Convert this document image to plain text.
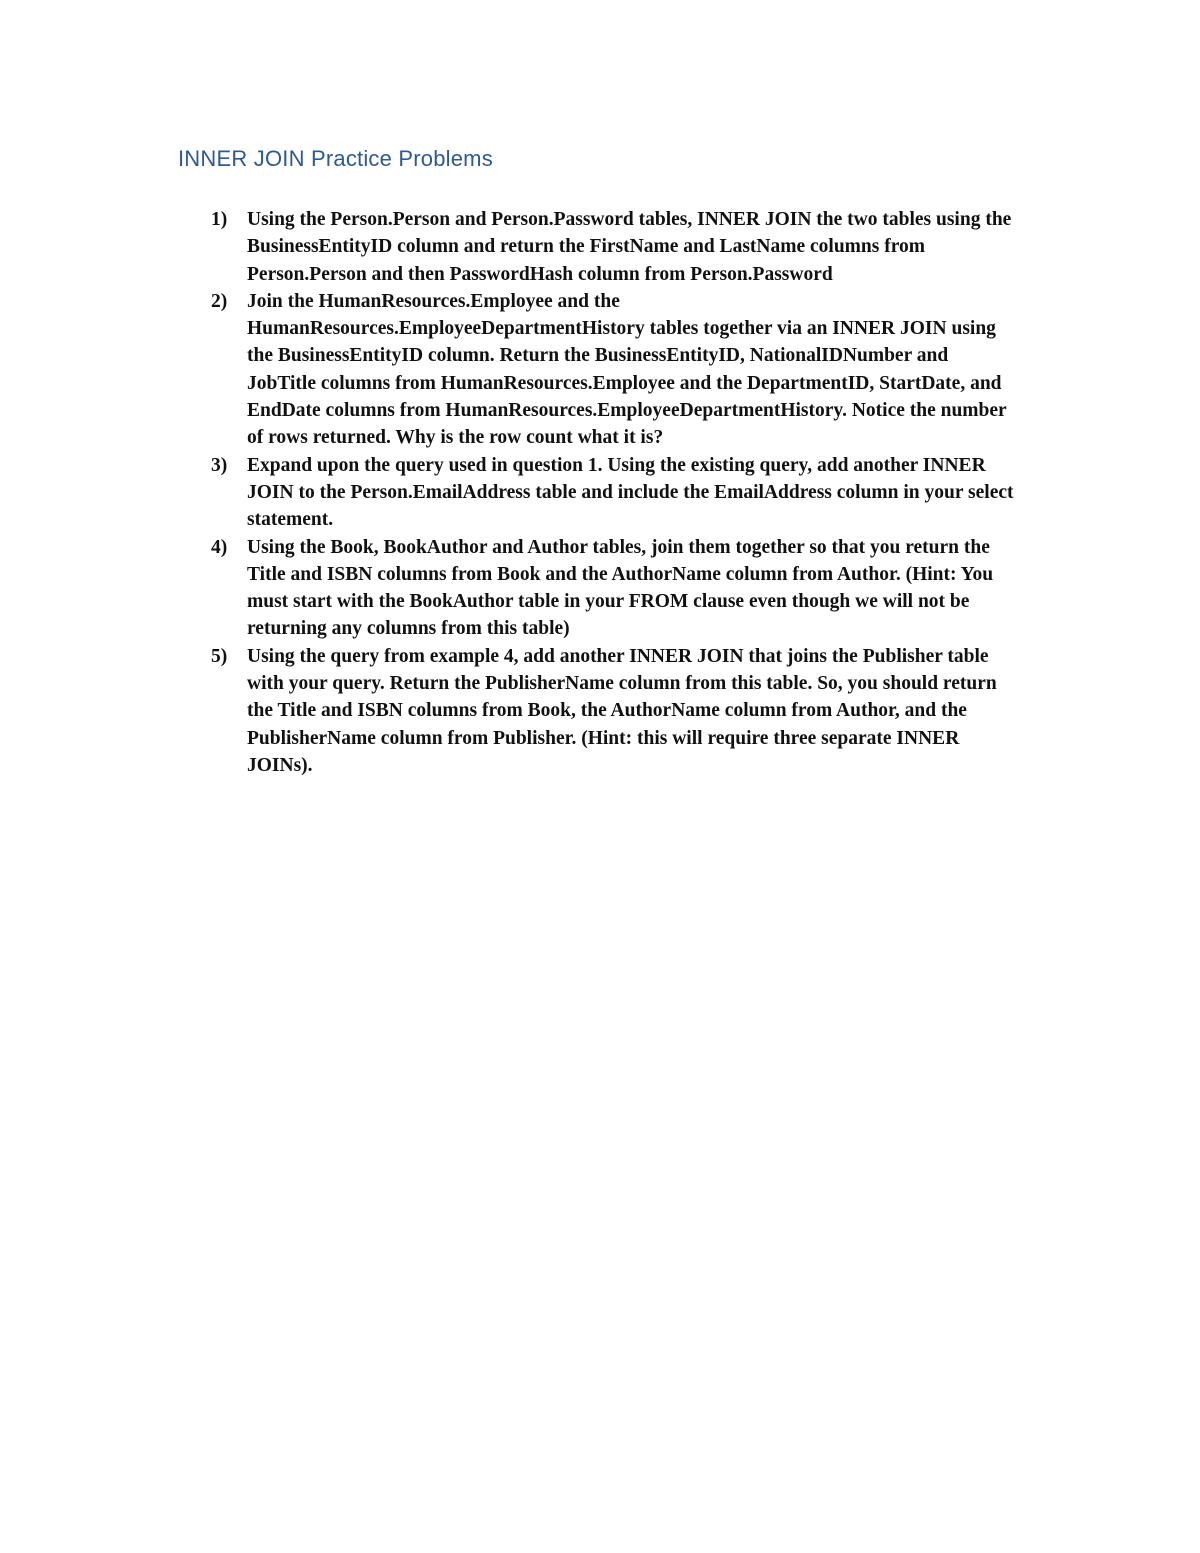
INNER JOIN Practice Problems
1) Using the Person.Person and Person.Password tables, INNER JOIN the two tables using the BusinessEntityID column and return the FirstName and LastName columns from Person.Person and then PasswordHash column from Person.Password
2) Join the HumanResources.Employee and the HumanResources.EmployeeDepartmentHistory tables together via an INNER JOIN using the BusinessEntityID column. Return the BusinessEntityID, NationalIDNumber and JobTitle columns from HumanResources.Employee and the DepartmentID, StartDate, and EndDate columns from HumanResources.EmployeeDepartmentHistory. Notice the number of rows returned. Why is the row count what it is?
3) Expand upon the query used in question 1. Using the existing query, add another INNER JOIN to the Person.EmailAddress table and include the EmailAddress column in your select statement.
4) Using the Book, BookAuthor and Author tables, join them together so that you return the Title and ISBN columns from Book and the AuthorName column from Author. (Hint: You must start with the BookAuthor table in your FROM clause even though we will not be returning any columns from this table)
5) Using the query from example 4, add another INNER JOIN that joins the Publisher table with your query. Return the PublisherName column from this table. So, you should return the Title and ISBN columns from Book, the AuthorName column from Author, and the PublisherName column from Publisher. (Hint: this will require three separate INNER JOINs).
